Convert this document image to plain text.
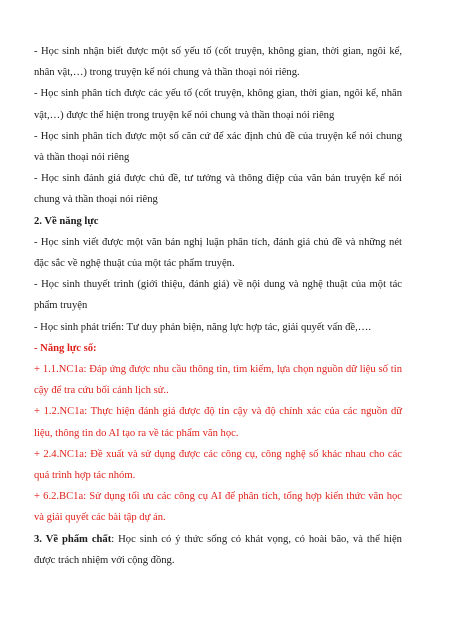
- Học sinh nhận biết được một số yếu tố (cốt truyện, không gian, thời gian, ngôi kể, nhân vật,…) trong truyện kể nói chung và thần thoại nói riêng.

- Học sinh phân tích được các yếu tố (cốt truyện, không gian, thời gian, ngôi kể, nhân vật,…) được thể hiện trong truyện kể nói chung và thần thoại nói riêng

- Học sinh phân tích được một số căn cứ để xác định chủ đề của truyện kể nói chung và thần thoại nói riêng

- Học sinh đánh giá được chủ đề, tư tưởng và thông điệp của văn bản truyện kể nói chung và thần thoại nói riêng

2. Về năng lực

- Học sinh viết được một văn bản nghị luận phân tích, đánh giá chủ đề và những nét đặc sắc về nghệ thuật của một tác phẩm truyện.

- Học sinh thuyết trình (giới thiệu, đánh giá) về nội dung và nghệ thuật của một tác phẩm truyện

- Học sinh phát triển: Tư duy phản biện, năng lực hợp tác, giải quyết vấn đề,….

- Năng lực số:

+ 1.1.NC1a: Đáp ứng được nhu cầu thông tin, tìm kiếm, lựa chọn nguồn dữ liệu số tin cậy để tra cứu bối cảnh lịch sử..

+ 1.2.NC1a: Thực hiện đánh giá được độ tin cậy và độ chính xác của các nguồn dữ liệu, thông tin do AI tạo ra về tác phẩm văn học.

+ 2.4.NC1a: Đề xuất và sử dụng được các công cụ, công nghệ số khác nhau cho các quá trình hợp tác nhóm.

+ 6.2.BC1a: Sử dụng tối ưu các công cụ AI để phân tích, tổng hợp kiến thức văn học và giải quyết các bài tập dự án.

3. Về phẩm chất: Học sinh có ý thức sống có khát vọng, có hoài bão, và thể hiện được trách nhiệm với cộng đồng.
